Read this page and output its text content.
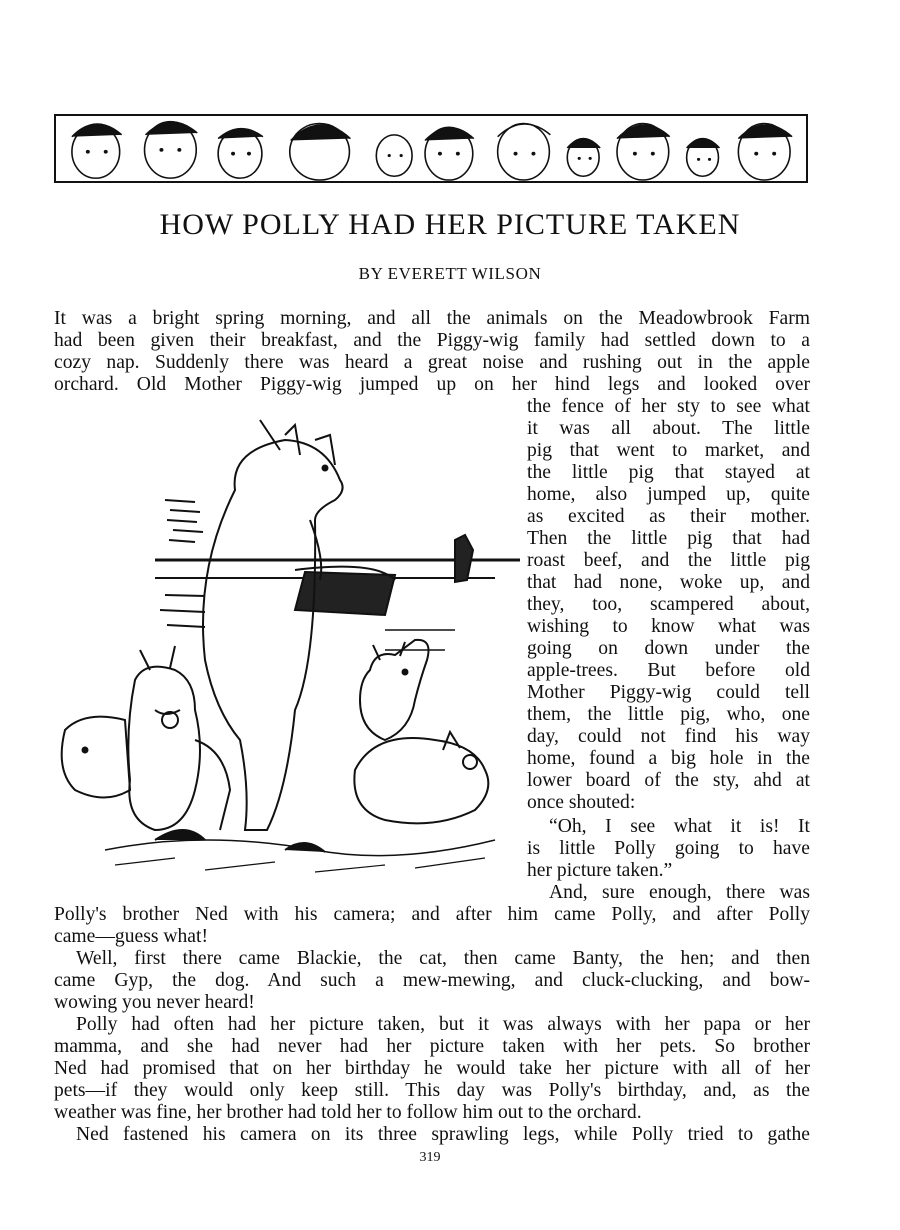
HOW POLLY HAD HER PICTURE TAKEN

BY EVERETT WILSON

It was a bright spring morning, and all the animals on the Meadowbrook Farm

had been given their breakfast, and the Piggy-wig family had settled down to a

cozy nap. Suddenly there was heard a great noise and rushing out in the apple

orchard. Old Mother Piggy-wig jumped up on her hind legs and looked over

the fence of her sty to see what

it was all about. The little

pig that went to market, and

the little pig that stayed at

home, also jumped up, quite

as excited as their mother.

Then the little pig that had

roast beef, and the little pig

that had none, woke up, and

they, too, scampered about,

wishing to know what was

going on down under the

apple-trees. But before old

Mother Piggy-wig could tell

them, the little pig, who, one

day, could not find his way

home, found a big hole in the

lower board of the sty, ahd at

once shouted:

“Oh, I see what it is! It

is little Polly going to have

her picture taken.”

And, sure enough, there was

Polly's brother Ned with his camera; and after him came Polly, and after Polly

came—guess what!

Well, first there came Blackie, the cat, then came Banty, the hen; and then

came Gyp, the dog. And such a mew-mewing, and cluck-clucking, and bow-

wowing you never heard!

Polly had often had her picture taken, but it was always with her papa or her

mamma, and she had never had her picture taken with her pets. So brother

Ned had promised that on her birthday he would take her picture with all of her

pets—if they would only keep still. This day was Polly's birthday, and, as the

weather was fine, her brother had told her to follow him out to the orchard.

Ned fastened his camera on its three sprawling legs, while Polly tried to gathe

319
